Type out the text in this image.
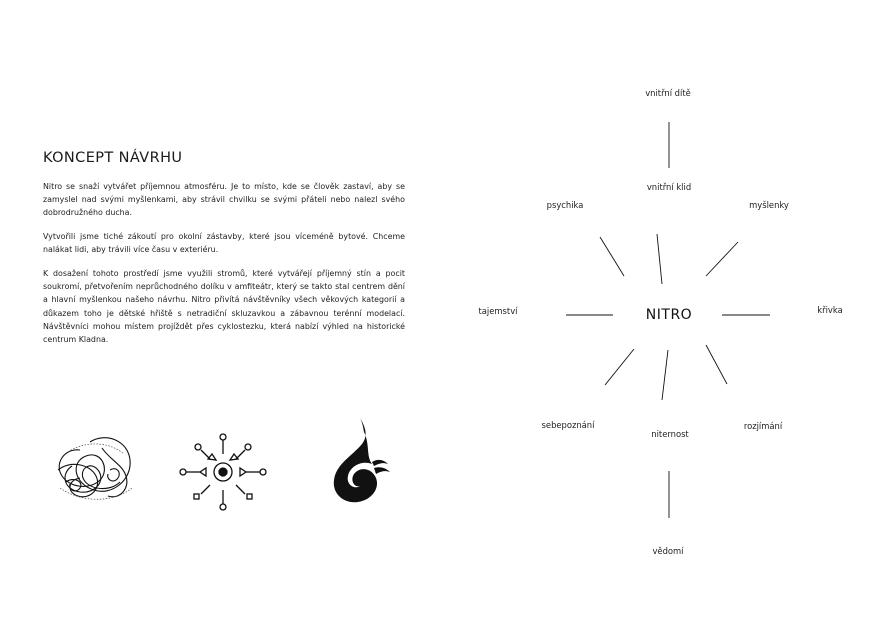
KONCEPT NÁVRHU

Nitro se snaží vytvářet příjemnou atmosféru. Je to místo, kde se člověk zastaví, aby se zamyslel nad svými myšlenkami, aby strávil chvilku se svými přáteli nebo nalezl svého dobrodružného ducha.

Vytvořili jsme tiché zákoutí pro okolní zástavby, které jsou víceméně bytové. Chceme nalákat lidi, aby trávili více času v exteriéru.

K dosažení tohoto prostředí jsme využili stromů, které vytvářejí příjemný stín a pocit soukromí, přetvořením neprůchodného dolíku v amfiteátr, který se takto stal centrem dění a hlavní myšlenkou našeho návrhu. Nitro přivítá návštěvníky všech věkových kategorií a důkazem toho je dětské hřiště s netradiční skluzavkou a zábavnou terénní modelací. Návštěvníci mohou místem projíždět přes cyklostezku, která nabízí výhled na historické centrum Kladna.

NITRO
vnitřní dítě
vnitřní klid
psychika	myšlenky
tajemství	křivka
sebepoznání
niternost
rozjímání
vědomí
